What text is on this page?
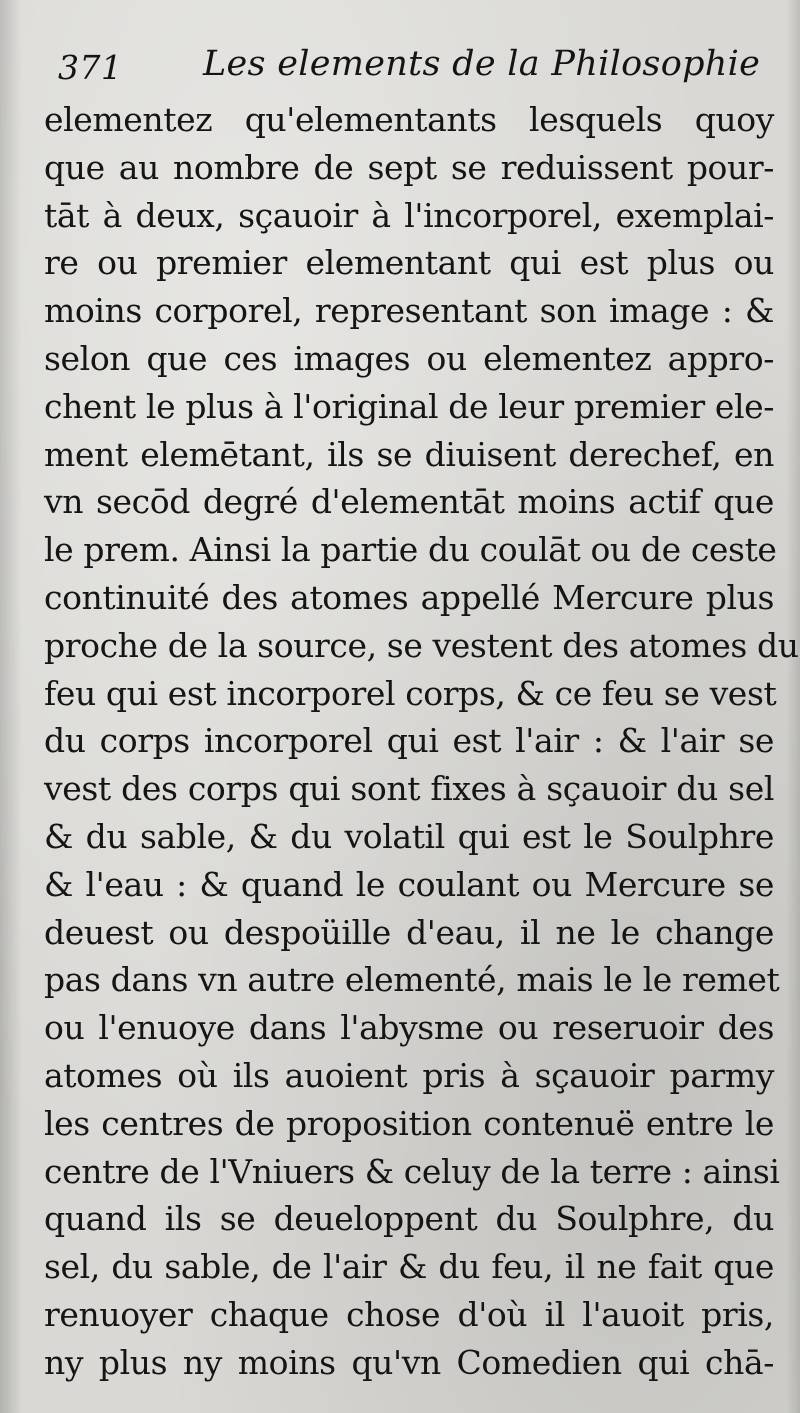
371 Les elements de la Philosophie
elementez qu'elementants lesquels quoy
que au nombre de sept se reduissent pour-
tāt à deux, sçauoir à l'incorporel, exemplai-
re ou premier elementant qui est plus ou
moins corporel, representant son image : &
selon que ces images ou elementez appro-
chent le plus à l'original de leur premier ele-
ment elemētant, ils se diuisent derechef, en
vn secōd degré d'elementāt moins actif que
le prem. Ainsi la partie du coulāt ou de ceste
continuité des atomes appellé Mercure plus
proche de la source, se vestent des atomes du
feu qui est incorporel corps, & ce feu se vest
du corps incorporel qui est l'air : & l'air se
vest des corps qui sont fixes à sçauoir du sel
& du sable, & du volatil qui est le Soulphre
& l'eau : & quand le coulant ou Mercure se
deuest ou despoüille d'eau, il ne le change
pas dans vn autre elementé, mais le le remet
ou l'enuoye dans l'abysme ou reseruoir des
atomes où ils auoient pris à sçauoir parmy
les centres de proposition contenuë entre le
centre de l'Vniuers & celuy de la terre : ainsi
quand ils se deueloppent du Soulphre, du
sel, du sable, de l'air & du feu, il ne fait que
renuoyer chaque chose d'où il l'auoit pris,
ny plus ny moins qu'vn Comedien qui chā-
